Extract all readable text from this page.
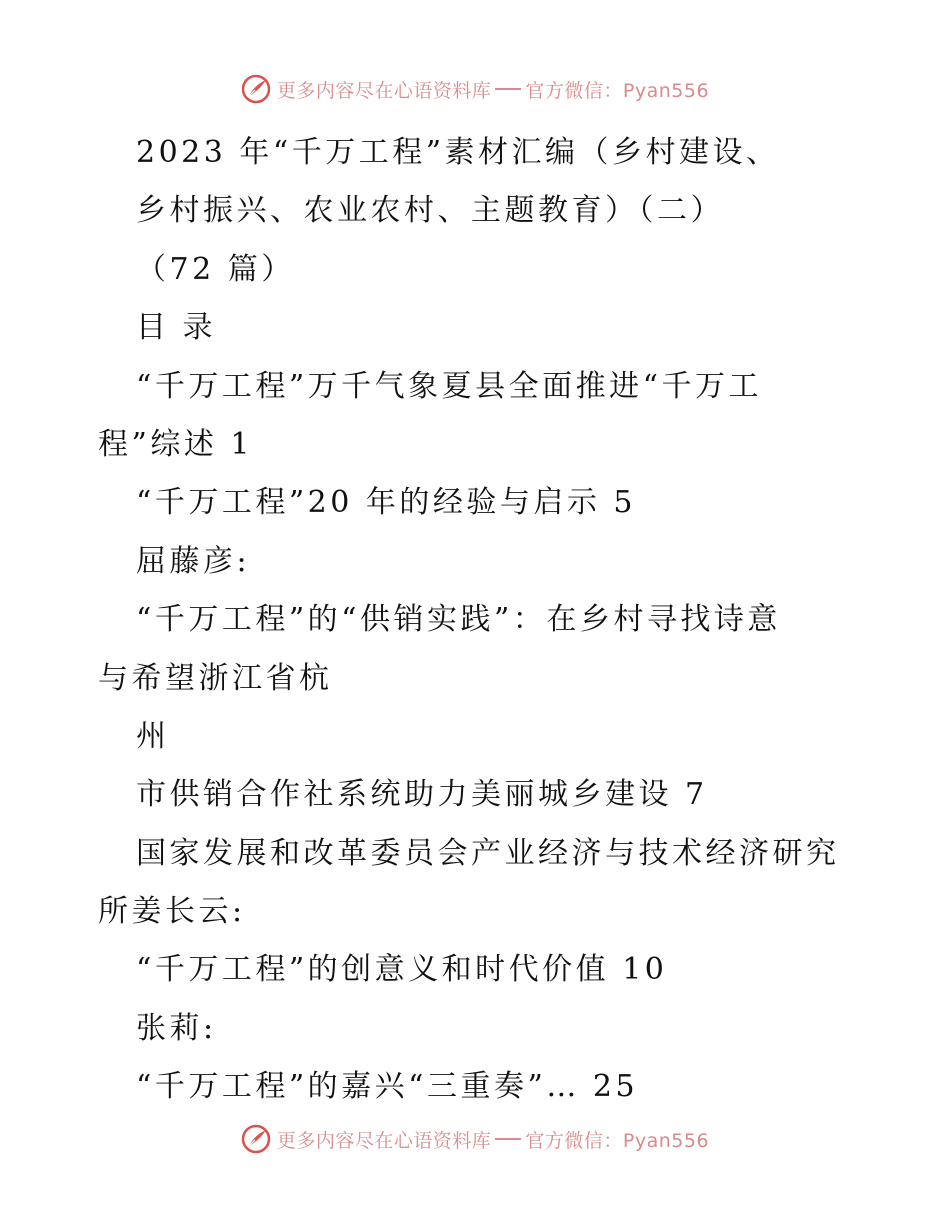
更多内容尽在心语资料库 官方微信：Pyan556
2023 年“千万工程”素材汇编（乡村建设、
乡村振兴、农业农村、主题教育）（二）
（72 篇）
目 录
“千万工程”万千气象夏县全面推进“千万工
程”综述 1
“千万工程”20 年的经验与启示 5
屈藤彦:
“千万工程”的“供销实践”：在乡村寻找诗意
与希望浙江省杭
州
市供销合作社系统助力美丽城乡建设 7
国家发展和改革委员会产业经济与技术经济研究
所姜长云:
“千万工程”的创意义和时代价值 10
张莉:
“千万工程”的嘉兴“三重奏”… 25
更多内容尽在心语资料库 官方微信：Pyan556
